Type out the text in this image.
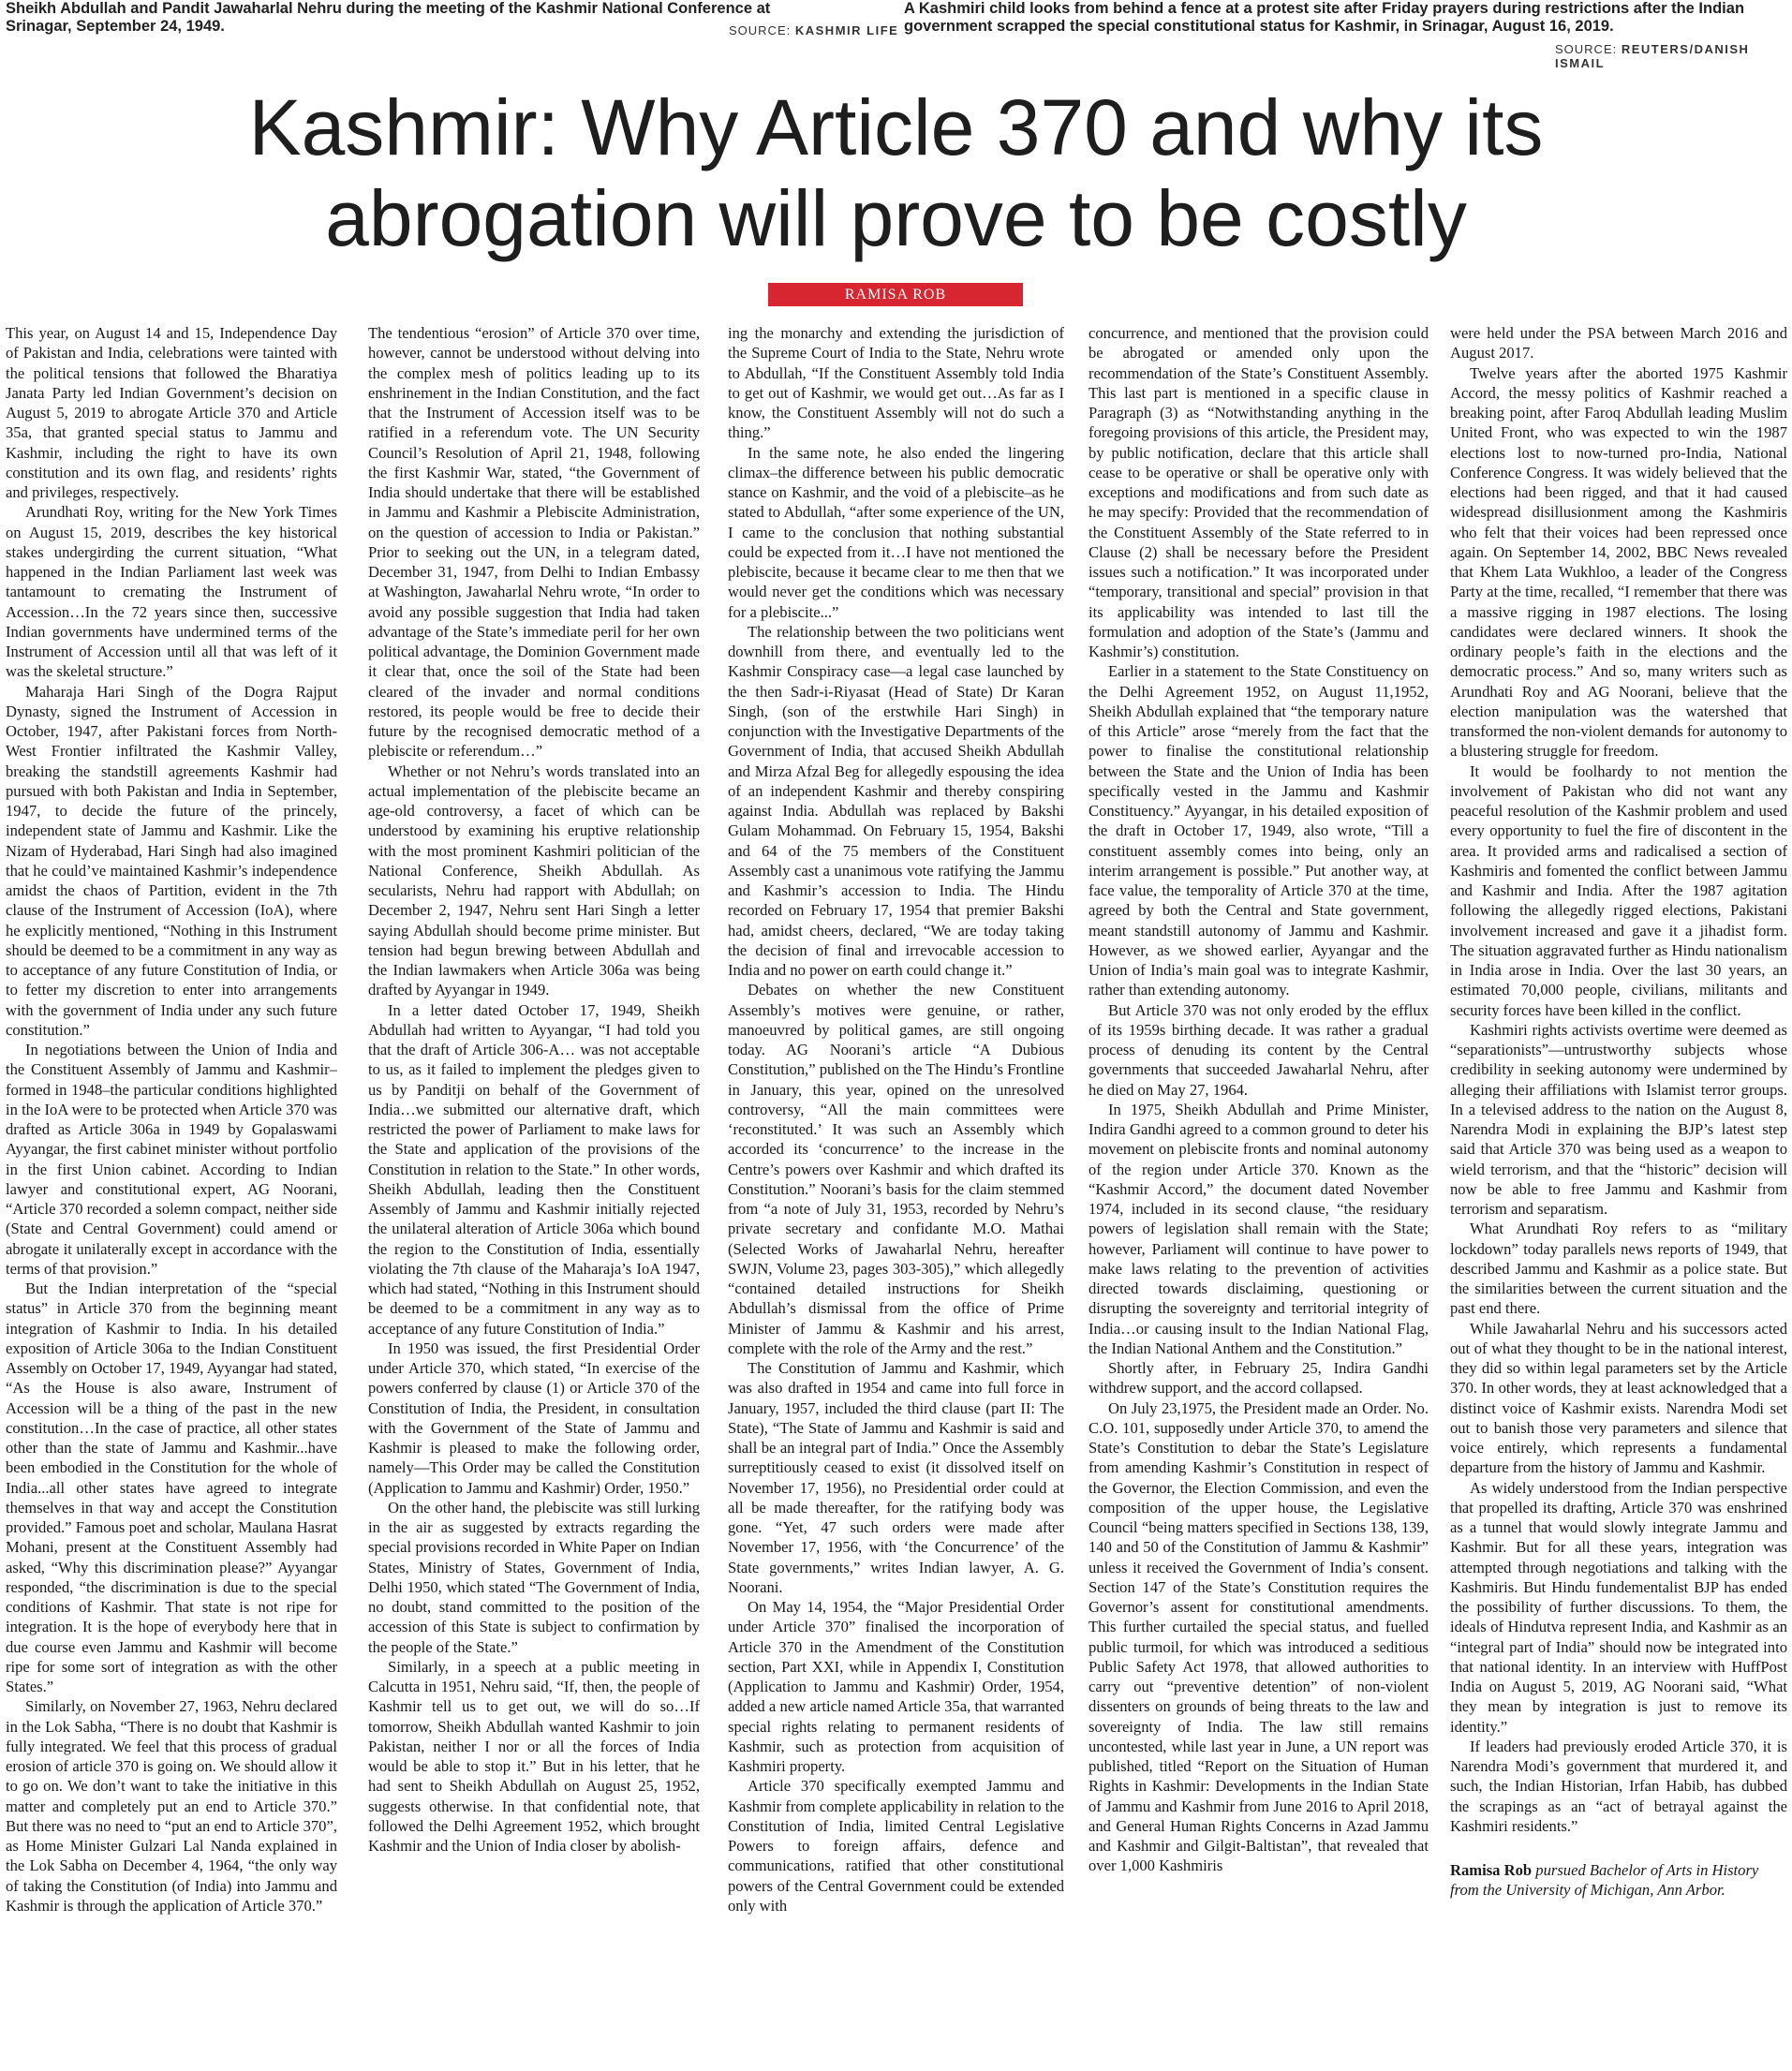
Sheikh Abdullah and Pandit Jawaharlal Nehru during the meeting of the Kashmir National Conference at Srinagar, September 24, 1949.	SOURCE: KASHMIR LIFE
A Kashmiri child looks from behind a fence at a protest site after Friday prayers during restrictions after the Indian government scrapped the special constitutional status for Kashmir, in Srinagar, August 16, 2019.
SOURCE: REUTERS/DANISH ISMAIL
Kashmir: Why Article 370 and why its
abrogation will prove to be costly
RAMISA ROB

This year, on August 14 and 15, Independence Day of Pakistan and India, celebrations were tainted with the political tensions that followed the Bharatiya Janata Party led Indian Government’s decision on August 5, 2019 to abrogate Article 370 and Article 35a, that granted special status to Jammu and Kashmir, including the right to have its own constitution and its own flag, and residents’ rights and privileges, respectively.

Arundhati Roy, writing for the New York Times on August 15, 2019, describes the key historical stakes undergirding the current situation, “What happened in the Indian Parliament last week was tantamount to cremating the Instrument of Accession…In the 72 years since then, successive Indian governments have undermined terms of the Instrument of Accession until all that was left of it was the skeletal structure.”

Maharaja Hari Singh of the Dogra Rajput Dynasty, signed the Instrument of Accession in October, 1947, after Pakistani forces from North-West Frontier infiltrated the Kashmir Valley, breaking the standstill agreements Kashmir had pursued with both Pakistan and India in September, 1947, to decide the future of the princely, independent state of Jammu and Kashmir. Like the Nizam of Hyderabad, Hari Singh had also imagined that he could’ve maintained Kashmir’s independence amidst the chaos of Partition, evident in the 7th clause of the Instrument of Accession (IoA), where he explicitly mentioned, “Nothing in this Instrument should be deemed to be a commitment in any way as to acceptance of any future Constitution of India, or to fetter my discretion to enter into arrangements with the government of India under any such future constitution.”

In negotiations between the Union of India and the Constituent Assembly of Jammu and Kashmir–formed in 1948–the particular conditions highlighted in the IoA were to be protected when Article 370 was drafted as Article 306a in 1949 by Gopalaswami Ayyangar, the first cabinet minister without portfolio in the first Union cabinet. According to Indian lawyer and constitutional expert, AG Noorani, “Article 370 recorded a solemn compact, neither side (State and Central Government) could amend or abrogate it unilaterally except in accordance with the terms of that provision.”

But the Indian interpretation of the “special status” in Article 370 from the beginning meant integration of Kashmir to India. In his detailed exposition of Article 306a to the Indian Constituent Assembly on October 17, 1949, Ayyangar had stated, “As the House is also aware, Instrument of Accession will be a thing of the past in the new constitution…In the case of practice, all other states other than the state of Jammu and Kashmir...have been embodied in the Constitution for the whole of India...all other states have agreed to integrate themselves in that way and accept the Constitution provided.” Famous poet and scholar, Maulana Hasrat Mohani, present at the Constituent Assembly had asked, “Why this discrimination please?” Ayyangar responded, “the discrimination is due to the special conditions of Kashmir. That state is not ripe for integration. It is the hope of everybody here that in due course even Jammu and Kashmir will become ripe for some sort of integration as with the other States.”

Similarly, on November 27, 1963, Nehru declared in the Lok Sabha, “There is no doubt that Kashmir is fully integrated. We feel that this process of gradual erosion of article 370 is going on. We should allow it to go on. We don’t want to take the initiative in this matter and completely put an end to Article 370.” But there was no need to “put an end to Article 370”, as Home Minister Gulzari Lal Nanda explained in the Lok Sabha on December 4, 1964, “the only way of taking the Constitution (of India) into Jammu and Kashmir is through the application of Article 370.”

The tendentious “erosion” of Article 370 over time, however, cannot be understood without delving into the complex mesh of politics leading up to its enshrinement in the Indian Constitution, and the fact that the Instrument of Accession itself was to be ratified in a referendum vote. The UN Security Council’s Resolution of April 21, 1948, following the first Kashmir War, stated, “the Government of India should undertake that there will be established in Jammu and Kashmir a Plebiscite Administration, on the question of accession to India or Pakistan.” Prior to seeking out the UN, in a telegram dated, December 31, 1947, from Delhi to Indian Embassy at Washington, Jawaharlal Nehru wrote, “In order to avoid any possible suggestion that India had taken advantage of the State’s immediate peril for her own political advantage, the Dominion Government made it clear that, once the soil of the State had been cleared of the invader and normal conditions restored, its people would be free to decide their future by the recognised democratic method of a plebiscite or referendum…”

Whether or not Nehru’s words translated into an actual implementation of the plebiscite became an age-old controversy, a facet of which can be understood by examining his eruptive relationship with the most prominent Kashmiri politician of the National Conference, Sheikh Abdullah. As secularists, Nehru had rapport with Abdullah; on December 2, 1947, Nehru sent Hari Singh a letter saying Abdullah should become prime minister. But tension had begun brewing between Abdullah and the Indian lawmakers when Article 306a was being drafted by Ayyangar in 1949.

In a letter dated October 17, 1949, Sheikh Abdullah had written to Ayyangar, “I had told you that the draft of Article 306-A… was not acceptable to us, as it failed to implement the pledges given to us by Panditji on behalf of the Government of India…we submitted our alternative draft, which restricted the power of Parliament to make laws for the State and application of the provisions of the Constitution in relation to the State.” In other words, Sheikh Abdullah, leading then the Constituent Assembly of Jammu and Kashmir initially rejected the unilateral alteration of Article 306a which bound the region to the Constitution of India, essentially violating the 7th clause of the Maharaja’s IoA 1947, which had stated, “Nothing in this Instrument should be deemed to be a commitment in any way as to acceptance of any future Constitution of India.”

In 1950 was issued, the first Presidential Order under Article 370, which stated, “In exercise of the powers conferred by clause (1) or Article 370 of the Constitution of India, the President, in consultation with the Government of the State of Jammu and Kashmir is pleased to make the following order, namely—This Order may be called the Constitution (Application to Jammu and Kashmir) Order, 1950.”

On the other hand, the plebiscite was still lurking in the air as suggested by extracts regarding the special provisions recorded in White Paper on Indian States, Ministry of States, Government of India, Delhi 1950, which stated “The Government of India, no doubt, stand committed to the position of the accession of this State is subject to confirmation by the people of the State.”

Similarly, in a speech at a public meeting in Calcutta in 1951, Nehru said, “If, then, the people of Kashmir tell us to get out, we will do so…If tomorrow, Sheikh Abdullah wanted Kashmir to join Pakistan, neither I nor or all the forces of India would be able to stop it.” But in his letter, that he had sent to Sheikh Abdullah on August 25, 1952, suggests otherwise. In that confidential note, that followed the Delhi Agreement 1952, which brought Kashmir and the Union of India closer by abolish-

ing the monarchy and extending the jurisdiction of the Supreme Court of India to the State, Nehru wrote to Abdullah, “If the Constituent Assembly told India to get out of Kashmir, we would get out…As far as I know, the Constituent Assembly will not do such a thing.”

In the same note, he also ended the lingering climax–the difference between his public democratic stance on Kashmir, and the void of a plebiscite–as he stated to Abdullah, “after some experience of the UN, I came to the conclusion that nothing substantial could be expected from it…I have not mentioned the plebiscite, because it became clear to me then that we would never get the conditions which was necessary for a plebiscite...”

The relationship between the two politicians went downhill from there, and eventually led to the Kashmir Conspiracy case—a legal case launched by the then Sadr-i-Riyasat (Head of State) Dr Karan Singh, (son of the erstwhile Hari Singh) in conjunction with the Investigative Departments of the Government of India, that accused Sheikh Abdullah and Mirza Afzal Beg for allegedly espousing the idea of an independent Kashmir and thereby conspiring against India. Abdullah was replaced by Bakshi Gulam Mohammad. On February 15, 1954, Bakshi and 64 of the 75 members of the Constituent Assembly cast a unanimous vote ratifying the Jammu and Kashmir’s accession to India. The Hindu recorded on February 17, 1954 that premier Bakshi had, amidst cheers, declared, “We are today taking the decision of final and irrevocable accession to India and no power on earth could change it.”

Debates on whether the new Constituent Assembly’s motives were genuine, or rather, manoeuvred by political games, are still ongoing today. AG Noorani’s article “A Dubious Constitution,” published on the The Hindu’s Frontline in January, this year, opined on the unresolved controversy, “All the main committees were ‘reconstituted.’ It was such an Assembly which accorded its ‘concurrence’ to the increase in the Centre’s powers over Kashmir and which drafted its Constitution.” Noorani’s basis for the claim stemmed from “a note of July 31, 1953, recorded by Nehru’s private secretary and confidante M.O. Mathai (Selected Works of Jawaharlal Nehru, hereafter SWJN, Volume 23, pages 303-305),” which allegedly “contained detailed instructions for Sheikh Abdullah’s dismissal from the office of Prime Minister of Jammu & Kashmir and his arrest, complete with the role of the Army and the rest.”

The Constitution of Jammu and Kashmir, which was also drafted in 1954 and came into full force in January, 1957, included the third clause (part II: The State), “The State of Jammu and Kashmir is said and shall be an integral part of India.” Once the Assembly surreptitiously ceased to exist (it dissolved itself on November 17, 1956), no Presidential order could at all be made thereafter, for the ratifying body was gone. “Yet, 47 such orders were made after November 17, 1956, with ‘the Concurrence’ of the State governments,” writes Indian lawyer, A. G. Noorani.

On May 14, 1954, the “Major Presidential Order under Article 370” finalised the incorporation of Article 370 in the Amendment of the Constitution section, Part XXI, while in Appendix I, Constitution (Application to Jammu and Kashmir) Order, 1954, added a new article named Article 35a, that warranted special rights relating to permanent residents of Kashmir, such as protection from acquisition of Kashmiri property.

Article 370 specifically exempted Jammu and Kashmir from complete applicability in relation to the Constitution of India, limited Central Legislative Powers to foreign affairs, defence and communications, ratified that other constitutional powers of the Central Government could be extended only with

concurrence, and mentioned that the provision could be abrogated or amended only upon the recommendation of the State’s Constituent Assembly. This last part is mentioned in a specific clause in Paragraph (3) as “Notwithstanding anything in the foregoing provisions of this article, the President may, by public notification, declare that this article shall cease to be operative or shall be operative only with exceptions and modifications and from such date as he may specify: Provided that the recommendation of the Constituent Assembly of the State referred to in Clause (2) shall be necessary before the President issues such a notification.” It was incorporated under “temporary, transitional and special” provision in that its applicability was intended to last till the formulation and adoption of the State’s (Jammu and Kashmir’s) constitution.

Earlier in a statement to the State Constituency on the Delhi Agreement 1952, on August 11,1952, Sheikh Abdullah explained that “the temporary nature of this Article” arose “merely from the fact that the power to finalise the constitutional relationship between the State and the Union of India has been specifically vested in the Jammu and Kashmir Constituency.” Ayyangar, in his detailed exposition of the draft in October 17, 1949, also wrote, “Till a constituent assembly comes into being, only an interim arrangement is possible.” Put another way, at face value, the temporality of Article 370 at the time, agreed by both the Central and State government, meant standstill autonomy of Jammu and Kashmir. However, as we showed earlier, Ayyangar and the Union of India’s main goal was to integrate Kashmir, rather than extending autonomy.

But Article 370 was not only eroded by the efflux of its 1959s birthing decade. It was rather a gradual process of denuding its content by the Central governments that succeeded Jawaharlal Nehru, after he died on May 27, 1964.

In 1975, Sheikh Abdullah and Prime Minister, Indira Gandhi agreed to a common ground to deter his movement on plebiscite fronts and nominal autonomy of the region under Article 370. Known as the “Kashmir Accord,” the document dated November 1974, included in its second clause, “the residuary powers of legislation shall remain with the State; however, Parliament will continue to have power to make laws relating to the prevention of activities directed towards disclaiming, questioning or disrupting the sovereignty and territorial integrity of India…or causing insult to the Indian National Flag, the Indian National Anthem and the Constitution.”

Shortly after, in February 25, Indira Gandhi withdrew support, and the accord collapsed.

On July 23,1975, the President made an Order. No. C.O. 101, supposedly under Article 370, to amend the State’s Constitution to debar the State’s Legislature from amending Kashmir’s Constitution in respect of the Governor, the Election Commission, and even the composition of the upper house, the Legislative Council “being matters specified in Sections 138, 139, 140 and 50 of the Constitution of Jammu & Kashmir” unless it received the Government of India’s consent. Section 147 of the State’s Constitution requires the Governor’s assent for constitutional amendments. This further curtailed the special status, and fuelled public turmoil, for which was introduced a seditious Public Safety Act 1978, that allowed authorities to carry out “preventive detention” of non-violent dissenters on grounds of being threats to the law and sovereignty of India. The law still remains uncontested, while last year in June, a UN report was published, titled “Report on the Situation of Human Rights in Kashmir: Developments in the Indian State of Jammu and Kashmir from June 2016 to April 2018, and General Human Rights Concerns in Azad Jammu and Kashmir and Gilgit-Baltistan”, that revealed that over 1,000 Kashmiris

were held under the PSA between March 2016 and August 2017.

Twelve years after the aborted 1975 Kashmir Accord, the messy politics of Kashmir reached a breaking point, after Faroq Abdullah leading Muslim United Front, who was expected to win the 1987 elections lost to now-turned pro-India, National Conference Congress. It was widely believed that the elections had been rigged, and that it had caused widespread disillusionment among the Kashmiris who felt that their voices had been repressed once again. On September 14, 2002, BBC News revealed that Khem Lata Wukhloo, a leader of the Congress Party at the time, recalled, “I remember that there was a massive rigging in 1987 elections. The losing candidates were declared winners. It shook the ordinary people’s faith in the elections and the democratic process.” And so, many writers such as Arundhati Roy and AG Noorani, believe that the election manipulation was the watershed that transformed the non-violent demands for autonomy to a blustering struggle for freedom.

It would be foolhardy to not mention the involvement of Pakistan who did not want any peaceful resolution of the Kashmir problem and used every opportunity to fuel the fire of discontent in the area. It provided arms and radicalised a section of Kashmiris and fomented the conflict between Jammu and Kashmir and India. After the 1987 agitation following the allegedly rigged elections, Pakistani involvement increased and gave it a jihadist form. The situation aggravated further as Hindu nationalism in India arose in India. Over the last 30 years, an estimated 70,000 people, civilians, militants and security forces have been killed in the conflict.

Kashmiri rights activists overtime were deemed as “separationists”—untrustworthy subjects whose credibility in seeking autonomy were undermined by alleging their affiliations with Islamist terror groups. In a televised address to the nation on the August 8, Narendra Modi in explaining the BJP’s latest step said that Article 370 was being used as a weapon to wield terrorism, and that the “historic” decision will now be able to free Jammu and Kashmir from terrorism and separatism.

What Arundhati Roy refers to as “military lockdown” today parallels news reports of 1949, that described Jammu and Kashmir as a police state. But the similarities between the current situation and the past end there.

While Jawaharlal Nehru and his successors acted out of what they thought to be in the national interest, they did so within legal parameters set by the Article 370. In other words, they at least acknowledged that a distinct voice of Kashmir exists. Narendra Modi set out to banish those very parameters and silence that voice entirely, which represents a fundamental departure from the history of Jammu and Kashmir.

As widely understood from the Indian perspective that propelled its drafting, Article 370 was enshrined as a tunnel that would slowly integrate Jammu and Kashmir. But for all these years, integration was attempted through negotiations and talking with the Kashmiris. But Hindu fundementalist BJP has ended the possibility of further discussions. To them, the ideals of Hindutva represent India, and Kashmir as an “integral part of India” should now be integrated into that national identity. In an interview with HuffPost India on August 5, 2019, AG Noorani said, “What they mean by integration is just to remove its identity.”

If leaders had previously eroded Article 370, it is Narendra Modi’s government that murdered it, and such, the Indian Historian, Irfan Habib, has dubbed the scrapings as an “act of betrayal against the Kashmiri residents.”

Ramisa Rob pursued Bachelor of Arts in History from the University of Michigan, Ann Arbor.
